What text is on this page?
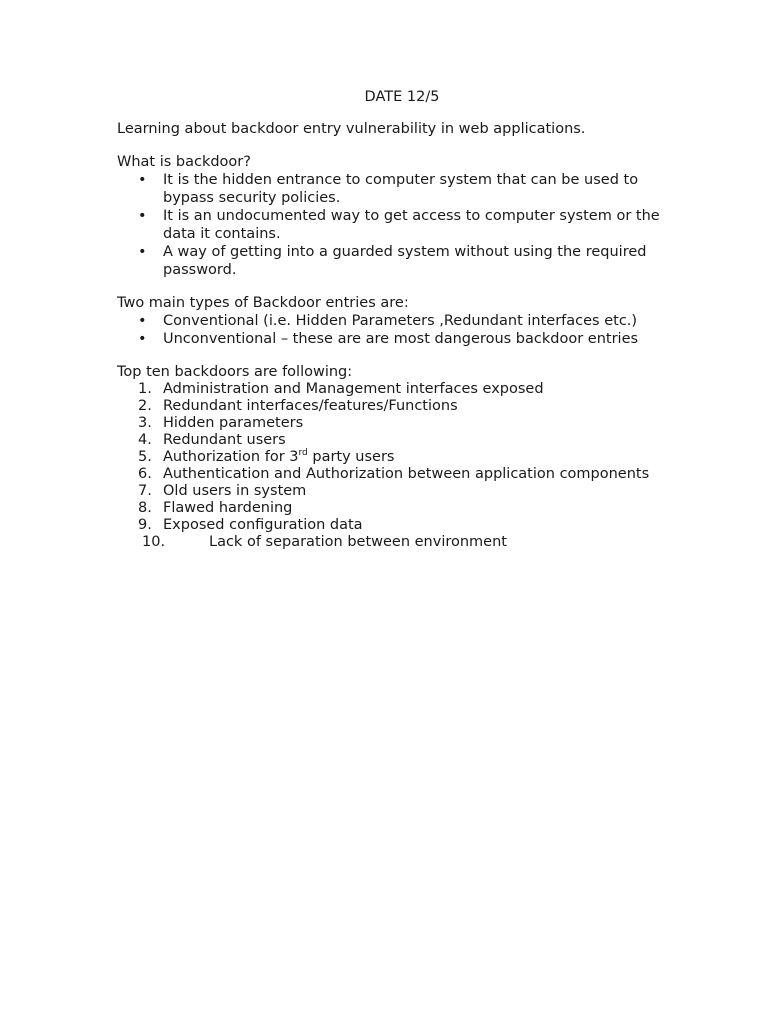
DATE 12/5

Learning about backdoor entry vulnerability in web applications.

What is backdoor?

• It is the hidden entrance to computer system that can be used to bypass security policies.
• It is an undocumented way to get access to computer system or the data it contains.
• A way of getting into a guarded system without using the required password.

Two main types of Backdoor entries are:

• Conventional (i.e. Hidden Parameters ,Redundant interfaces etc.)
• Unconventional – these are are most dangerous backdoor entries

Top ten backdoors are following:

1. Administration and Management interfaces exposed
2. Redundant interfaces/features/Functions
3. Hidden parameters
4. Redundant users
5. Authorization for 3rd party users
6. Authentication and Authorization between application components
7. Old users in system
8. Flawed hardening
9. Exposed configuration data
10.	Lack of separation between environment
